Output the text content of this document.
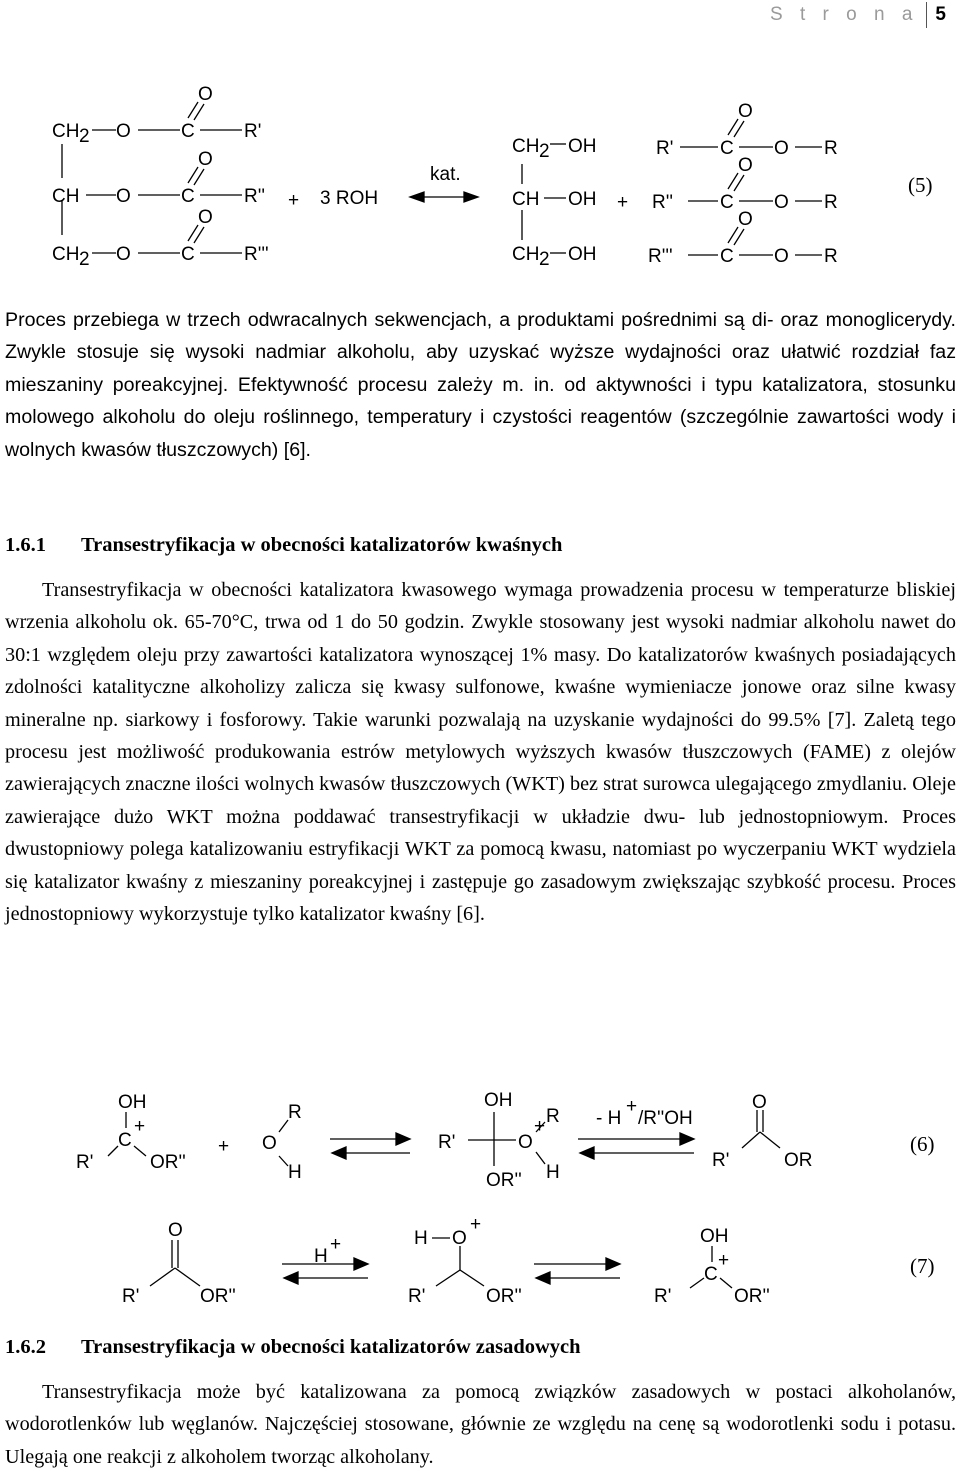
S t r o n a 5
CH 2 O	C
O
R'
CH O	C
O
R''
CH 2 O	C
O
R'''
+ 3 ROH
kat.
CH 2 OH
CH OH
CH 2 OH
+
R' C
O
O R
R'' C
O
O R
R''' C
O
O R
(5)

Proces przebiega w trzech odwracalnych sekwencjach, a produktami pośrednimi są di- oraz monoglicerydy. Zwykle stosuje się wysoki nadmiar alkoholu, aby uzyskać wyższe wydajności oraz ułatwić rozdział faz mieszaniny poreakcyjnej. Efektywność procesu zależy m. in. od aktywności i typu katalizatora, stosunku molowego alkoholu do oleju roślinnego, temperatury i czystości reagentów (szczególnie zawartości wody i wolnych kwasów tłuszczowych) [6].

1.6.1 Transestryfikacja w obecności katalizatorów kwaśnych

Transestryfikacja w obecności katalizatora kwasowego wymaga prowadzenia procesu w temperaturze bliskiej wrzenia alkoholu ok. 65-70°C, trwa od 1 do 50 godzin. Zwykle stosowany jest wysoki nadmiar alkoholu nawet do 30:1 względem oleju przy zawartości katalizatora wynoszącej 1% masy. Do katalizatorów kwaśnych posiadających zdolności katalityczne alkoholizy zalicza się kwasy sulfonowe, kwaśne wymieniacze jonowe oraz silne kwasy mineralne np. siarkowy i fosforowy. Takie warunki pozwalają na uzyskanie wydajności do 99.5% [7]. Zaletą tego procesu jest możliwość produkowania estrów metylowych wyższych kwasów tłuszczowych (FAME) z olejów zawierających znaczne ilości wolnych kwasów tłuszczowych (WKT) bez strat surowca ulegającego zmydlaniu. Oleje zawierające dużo WKT można poddawać transestryfikacji w układzie dwu- lub jednostopniowym. Proces dwustopniowy polega katalizowaniu estryfikacji WKT za pomocą kwasu, natomiast po wyczerpaniu WKT wydziela się katalizator kwaśny z mieszaniny poreakcyjnej i zastępuje go zasadowym zwiększając szybkość procesu. Proces jednostopniowy wykorzystuje tylko katalizator kwaśny [6].

OH
C
+
R'	OR''
+
R
O
H
OH
R'	O
+ R
H
OR''
- H
+
/R''OH
O
R'	OR
(6)
O
R'	OR''
H
+	H O
+
R'	OR''
OH
C
+
R'	OR''
(7)
1.6.2 Transestryfikacja w obecności katalizatorów zasadowych

Transestryfikacja może być katalizowana za pomocą związków zasadowych w postaci alkoholanów, wodorotlenków lub węglanów. Najczęściej stosowane, głównie ze względu na cenę są wodorotlenki sodu i potasu. Ulegają one reakcji z alkoholem tworząc alkoholany.
